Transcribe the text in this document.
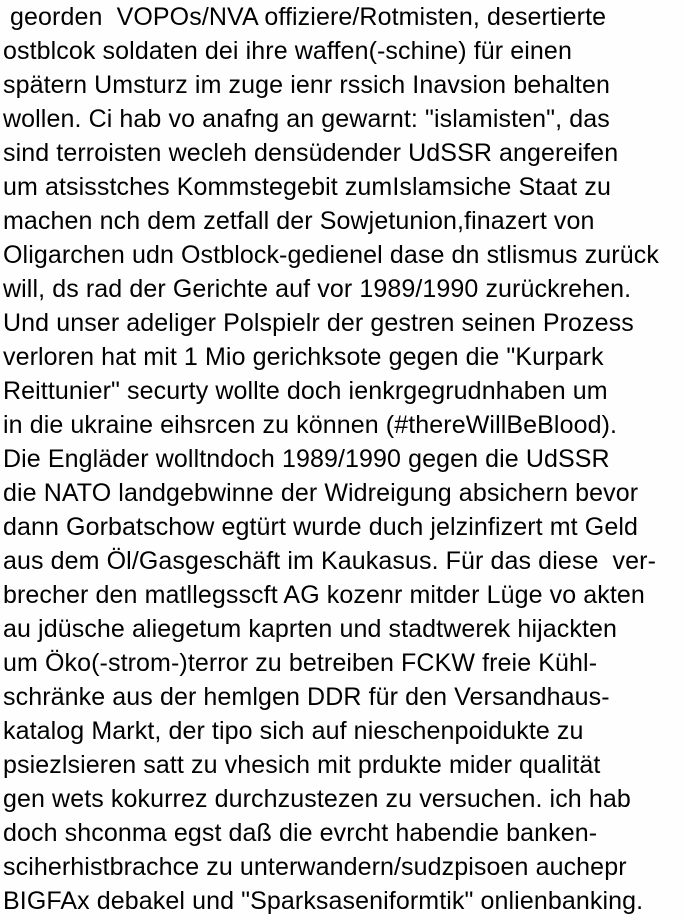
georden  VOPOs/NVA offiziere/Rotmisten, desertierte
ostblcok soldaten dei ihre waffen(-schine) für einen
spätern Umsturz im zuge ienr rssich Inavsion behalten
wollen. Ci hab vo anafng an gewarnt: "islamisten", das
sind terroisten wecleh densüdender UdSSR angereifen
um atsisstches Kommstegebit zumIslamsiche Staat zu
machen nch dem zetfall der Sowjetunion,finazert von
Oligarchen udn Ostblock-gedienel dase dn stlismus zurück
will, ds rad der Gerichte auf vor 1989/1990 zurückrehen.
Und unser adeliger Polspielr der gestren seinen Prozess
verloren hat mit 1 Mio gerichksote gegen die "Kurpark
Reittunier" securty wollte doch ienkrgegrudnhaben um
in die ukraine eihsrcen zu können (#thereWillBeBlood).
Die Engläder wolltndoch 1989/1990 gegen die UdSSR
die NATO landgebwinne der Widreigung absichern bevor
dann Gorbatschow egtürt wurde duch jelzinfizert mt Geld
aus dem Öl/Gasgeschäft im Kaukasus. Für das diese  ver-
brecher den matllegsscft AG kozenr mitder Lüge vo akten
au jdüsche aliegetum kaprten und stadtwerek hijackten
um Öko(-strom-)terror zu betreiben FCKW freie Kühl-
schränke aus der hemlgen DDR für den Versandhaus-
katalog Markt, der tipo sich auf nieschenpoidukte zu
psiezlsieren satt zu vhesich mit prdukte mider qualität
gen wets kokurrez durchzustezen zu versuchen. ich hab
doch shconma egst daß die evrcht habendie banken-
sciherhistbrachce zu unterwandern/sudzpisoen auchepr
BIGFAx debakel und "Sparksaseniformtik" onlienbanking.
